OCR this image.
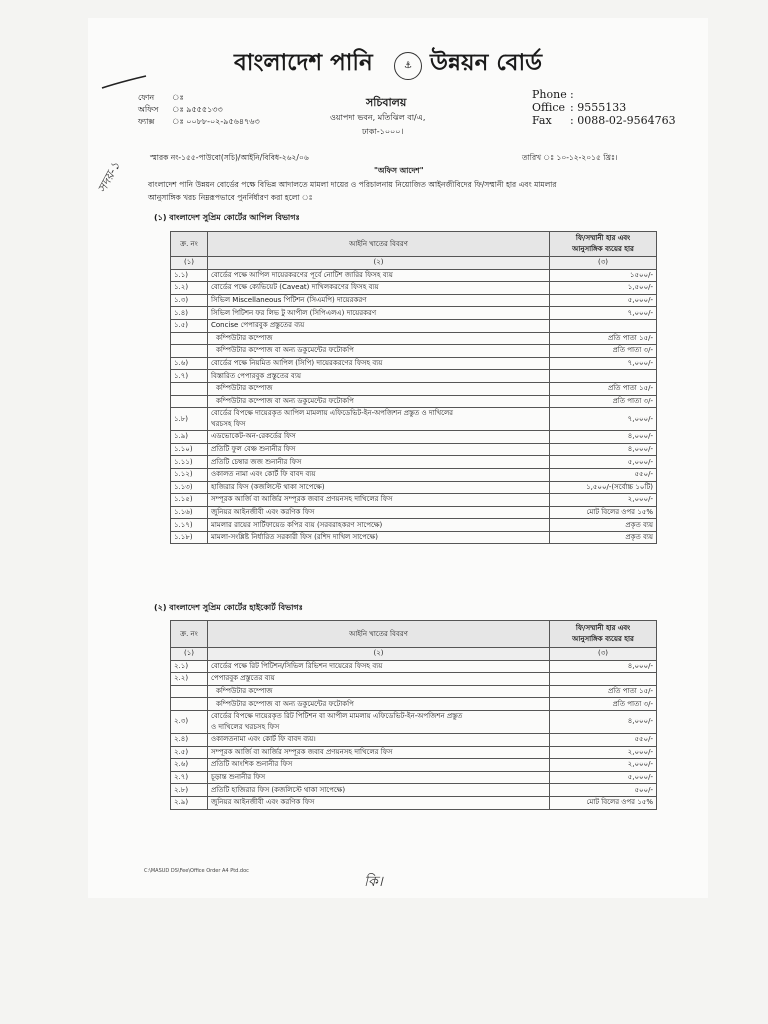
বাংলাদেশ পানি	⚓ উন্নয়ন বোর্ড
ফোন ঃ
অফিস ঃ ৯৫৫৫১৩৩
ফ্যাক্স ঃ ০০৮৮-০২-৯৫৬৪৭৬৩
সচিবালয়
ওয়াপদা ভবন, মতিঝিল বা/এ,
ঢাকা-১০০০।
Phone :
Office : 9555133
Fax : 0088-02-9564763
স্মারক নং-১৫৫-পাউবো(সচি)/আইনি/বিবিধ-২৬২/০৬	তারিখ ঃ ১০-১২-২০১৫ খ্রিঃ।
"অফিস আদেশ"
বাংলাদেশ পানি উন্নয়ন বোর্ডের পক্ষে বিভিন্ন আদালতে মামলা দায়ের ও পরিচালনায় নিয়োজিত আইনজীবিদের ফি/সম্মানী হার এবং মামলার
আনুসাঙ্গিক খরচ নিম্নরূপভাবে পুনর্নির্ধারণ করা হলো ঃ
সদয়-১
(১) বাংলাদেশ সুপ্রিম কোর্টের আপিল বিভাগঃ
ক্র. নং	আইনি খাতের বিবরণ	ফি/সম্মানী হার এবং
আনুসাঙ্গিক ব্যয়ের হার

(১)	(২)	(৩)
১.১)	বোর্ডের পক্ষে আপিল দায়েরকরণের পূর্বে নোটিশ জারির ফিসহ ব্যয়	১৫০০/-
১.২)	বোর্ডের পক্ষে ক্যেভিয়েট (Caveat) দাখিলকরণের ফিসহ ব্যয়	১,৫০০/-
১.৩)	সিভিল Miscellaneous পিটিশন (সিএমপি) দায়েরকরণ	৫,০০০/-
১.৪)	সিভিল পিটিশন ফর লিভ টু আপীল (সিপিএলএ) দায়েরকরণ	৭,০০০/-
১.৫)	Concise পেপারবুক প্রস্তুতের ব্যয়	
	কম্পিউটার কম্পোজ	প্রতি পাতা ১৫/-
	কম্পিউটার কম্পোজ বা অন্য ডকুমেন্টের ফটোকপি	প্রতি পাতা ৩/-
১.৬)	বোর্ডের পক্ষে নিয়মিত আপিল (সিপি) দায়েরকরণের ফিসহ ব্যয়	৭,০০০/-
১.৭)	বিস্তারিত পেপারবুক প্রস্তুতের ব্যয়	
	কম্পিউটার কম্পোজ	প্রতি পাতা ১৫/-
	কম্পিউটার কম্পোজ বা অন্য ডকুমেন্টের ফটোকপি	প্রতি পাতা ৩/-
১.৮)	বোর্ডের বিপক্ষে দায়েরকৃত আপিল মামলায় এফিডেভিট-ইন-অপজিশন প্রস্তুত ও দাখিলের
খরচসহ ফিস	৭,০০০/-
১.৯)	এডভোকেট-অন-রেকর্ডের ফিস	৪,০০০/-
১.১০)	প্রতিটি ফুল বেঞ্চ শুনানীর ফিস	৪,০০০/-
১.১১)	প্রতিটি চেম্বার জজ শুনানীর ফিস	৫,০০০/-
১.১২)	ওকালত নামা এবং কোর্ট ফি বাবদ ব্যয়	৫৫০/-
১.১৩)	হাজিরার ফিস (কজলিস্টে থাকা সাপেক্ষে)	১,৫০০/-(সর্বোচ্চ ১০টি)
১.১৫)	সম্পূরক আর্জি বা আর্জির সম্পূরক জবাব প্রণয়নসহ দাখিলের ফিস	২,০০০/-
১.১৬)	জুনিয়র আইনজীবী এবং করণিক ফিস	মোট বিলের ওপর ১৫%
১.১৭)	মামলার রায়ের সার্টিফায়েড কপির ব্যয় (সরবরাহকরণ সাপেক্ষে)	প্রকৃত ব্যয়
১.১৮)	মামলা-সংশ্লিষ্ট নির্ধারিত সরকারী ফিস (রশিদ দাখিল সাপেক্ষে)	প্রকৃত ব্যয়
(২) বাংলাদেশ সুপ্রিম কোর্টের হাইকোর্ট বিভাগঃ
ক্র. নং	আইনি খাতের বিবরণ	ফি/সম্মানী হার এবং
আনুসাঙ্গিক ব্যয়ের হার

(১)	(২)	(৩)
২.১)	বোর্ডের পক্ষে রিট পিটিশন/সিভিল রিভিশন দায়েরের ফিসহ ব্যয়	৪,০০০/-
২.২)	পেপারবুক প্রস্তুতের ব্যয়	
	কম্পিউটার কম্পোজ	প্রতি পাতা ১৫/-
	কম্পিউটার কম্পোজ বা অন্য ডকুমেন্টের ফটোকপি	প্রতি পাতা ৩/-
২.৩)	বোর্ডের বিপক্ষে দায়েরকৃত রিট পিটিশন বা আপীল মামলায় এফিডেভিট-ইন-অপজিশন প্রস্তুত
ও দাখিলের খরচসহ ফিস	৪,০০০/-
২.৪)	ওকালতনামা এবং কোর্ট ফি বাবদ ব্যয়।	৫৫০/-
২.৫)	সম্পূরক আর্জি বা আর্জির সম্পূরক জবাব প্রণয়নসহ দাখিলের ফিস	২,০০০/-
২.৬)	প্রতিটি আংশিক শুনানীর ফিস	২,০০০/-
২.৭)	চূড়ান্ত শুনানীর ফিস	৫,০০০/-
২.৮)	প্রতিটি হাজিরার ফিস (কজলিস্টে থাকা সাপেক্ষে)	৫০০/-
২.৯)	জুনিয়র আইনজীবী এবং করণিক ফিস	মোট বিলের ওপর ১৫%
C:\MASUD DS\Fee\Office Order A4 Ptd.doc
কি।
